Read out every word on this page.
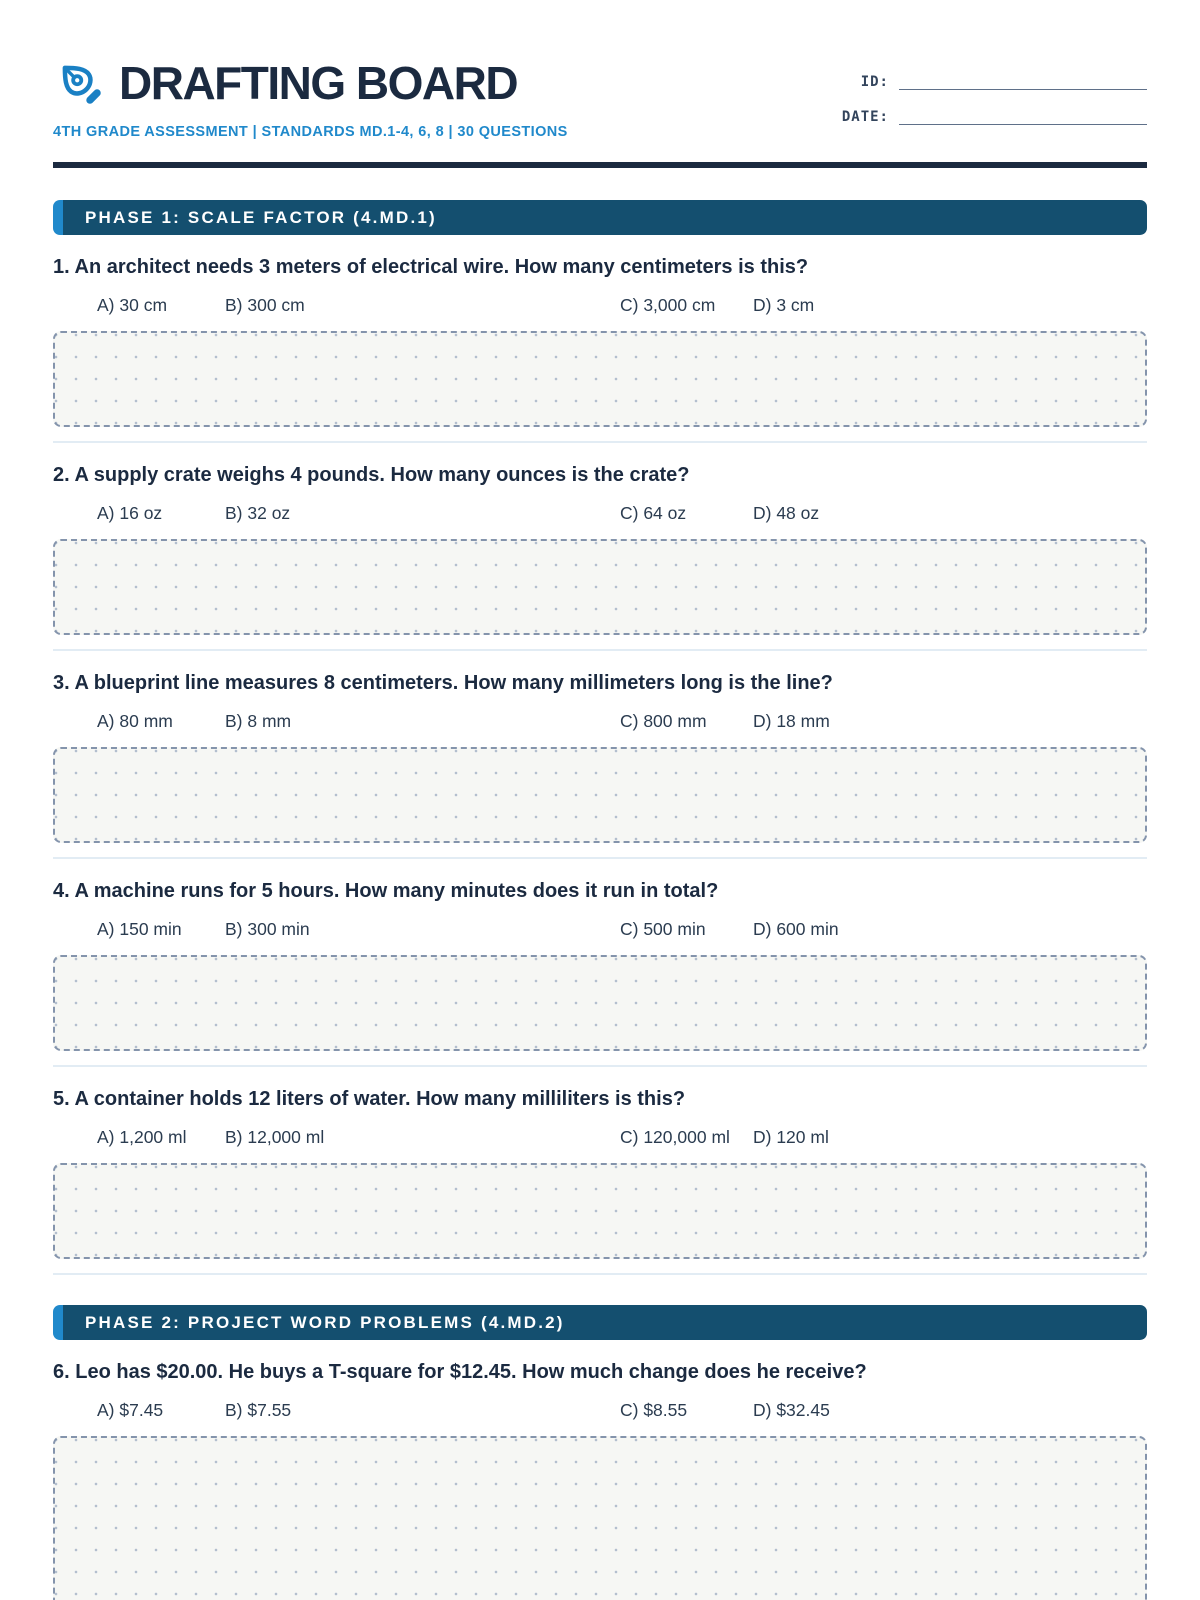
DRAFTING BOARD
4TH GRADE ASSESSMENT | STANDARDS MD.1-4, 6, 8 | 30 QUESTIONS
ID:
DATE:
PHASE 1: SCALE FACTOR (4.MD.1)
1. An architect needs 3 meters of electrical wire. How many centimeters is this?
A) 30 cm	B) 300 cm	C) 3,000 cm	D) 3 cm
2. A supply crate weighs 4 pounds. How many ounces is the crate?
A) 16 oz	B) 32 oz	C) 64 oz	D) 48 oz
3. A blueprint line measures 8 centimeters. How many millimeters long is the line?
A) 80 mm	B) 8 mm	C) 800 mm	D) 18 mm
4. A machine runs for 5 hours. How many minutes does it run in total?
A) 150 min	B) 300 min	C) 500 min	D) 600 min
5. A container holds 12 liters of water. How many milliliters is this?
A) 1,200 ml	B) 12,000 ml	C) 120,000 ml	D) 120 ml
PHASE 2: PROJECT WORD PROBLEMS (4.MD.2)
6. Leo has $20.00. He buys a T-square for $12.45. How much change does he receive?
A) $7.45	B) $7.55	C) $8.55	D) $32.45
